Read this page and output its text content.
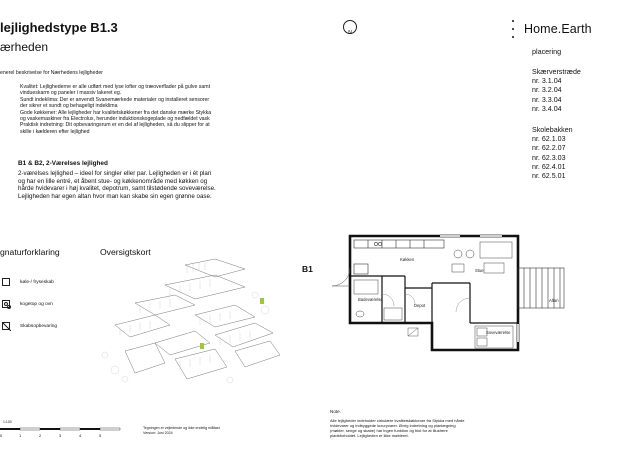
lejlighedstype B1.3
ærheden
N	Home.Earth
placering
Skærverstræde
nr. 3.1.04
nr. 3.2.04
nr. 3.3.04
nr. 3.4.04
Skolebakken
nr. 62.1.03
nr. 62.2.07
nr. 62.3.03
nr. 62.4.01
nr. 62.5.01
enerel beskrivelse for Nærhedens lejligheder
Kvalitet: Lejlighederne er alle udført med lyse lofter og træoverflader på gulve samt
vindueskarm og paneler i massiv lakeret eg.
Sundt indeklima: Der er anvendt Svanemærkede materialer og installeret sensorer
der sikrer et sundt og behageligt indeklima
Gode køkkener: Alle lejligheder har kvalitetskøkkener fra det danske mærke Stykka
og vaskemaskiner fra Electrolux, herunder induktionskogeplade og nedfældet vask
Praktisk indretning: Dit opbevaringsrum er en del af lejligheden, så du slipper for at
skille i kælderen efter lejlighed
B1 & B2, 2-Værelses lejlighed
2-værelses lejlighed – ideel for singler eller par. Lejligheden er i ét plan
og har en lille entré, et åbent stue- og køkkenområde med køkken og
hårde hvidevarer i høj kvalitet, depotrum, samt tilstødende soveværelse.
Lejligheden har egen altan hvor man kan skabe sin egen grønne oase.
gnaturforklaring
køle-/ fryseskab
kogetop og ovn
Skabsopbevaring
Oversigtskort
0	1	2	3	4	5
1:100
Tegningen er vejledende og ikke endelig målfast
Version: Juni 2024
B1
Køkken
Stue
Badeværelse
Depot
Soveværelse
Altan
Note.
Alle lejligheder indeholder cirkulære kvalitetskøkkener fra Stykka med hårde
hvidevarer og indbyggede luxuryvarer. Øvrig indretning og planlægning
(møbler, senge og skabe) har ingen funktion og blot for at illustrere
pladsforholdet. Lejligheden er ikke møbleret.
